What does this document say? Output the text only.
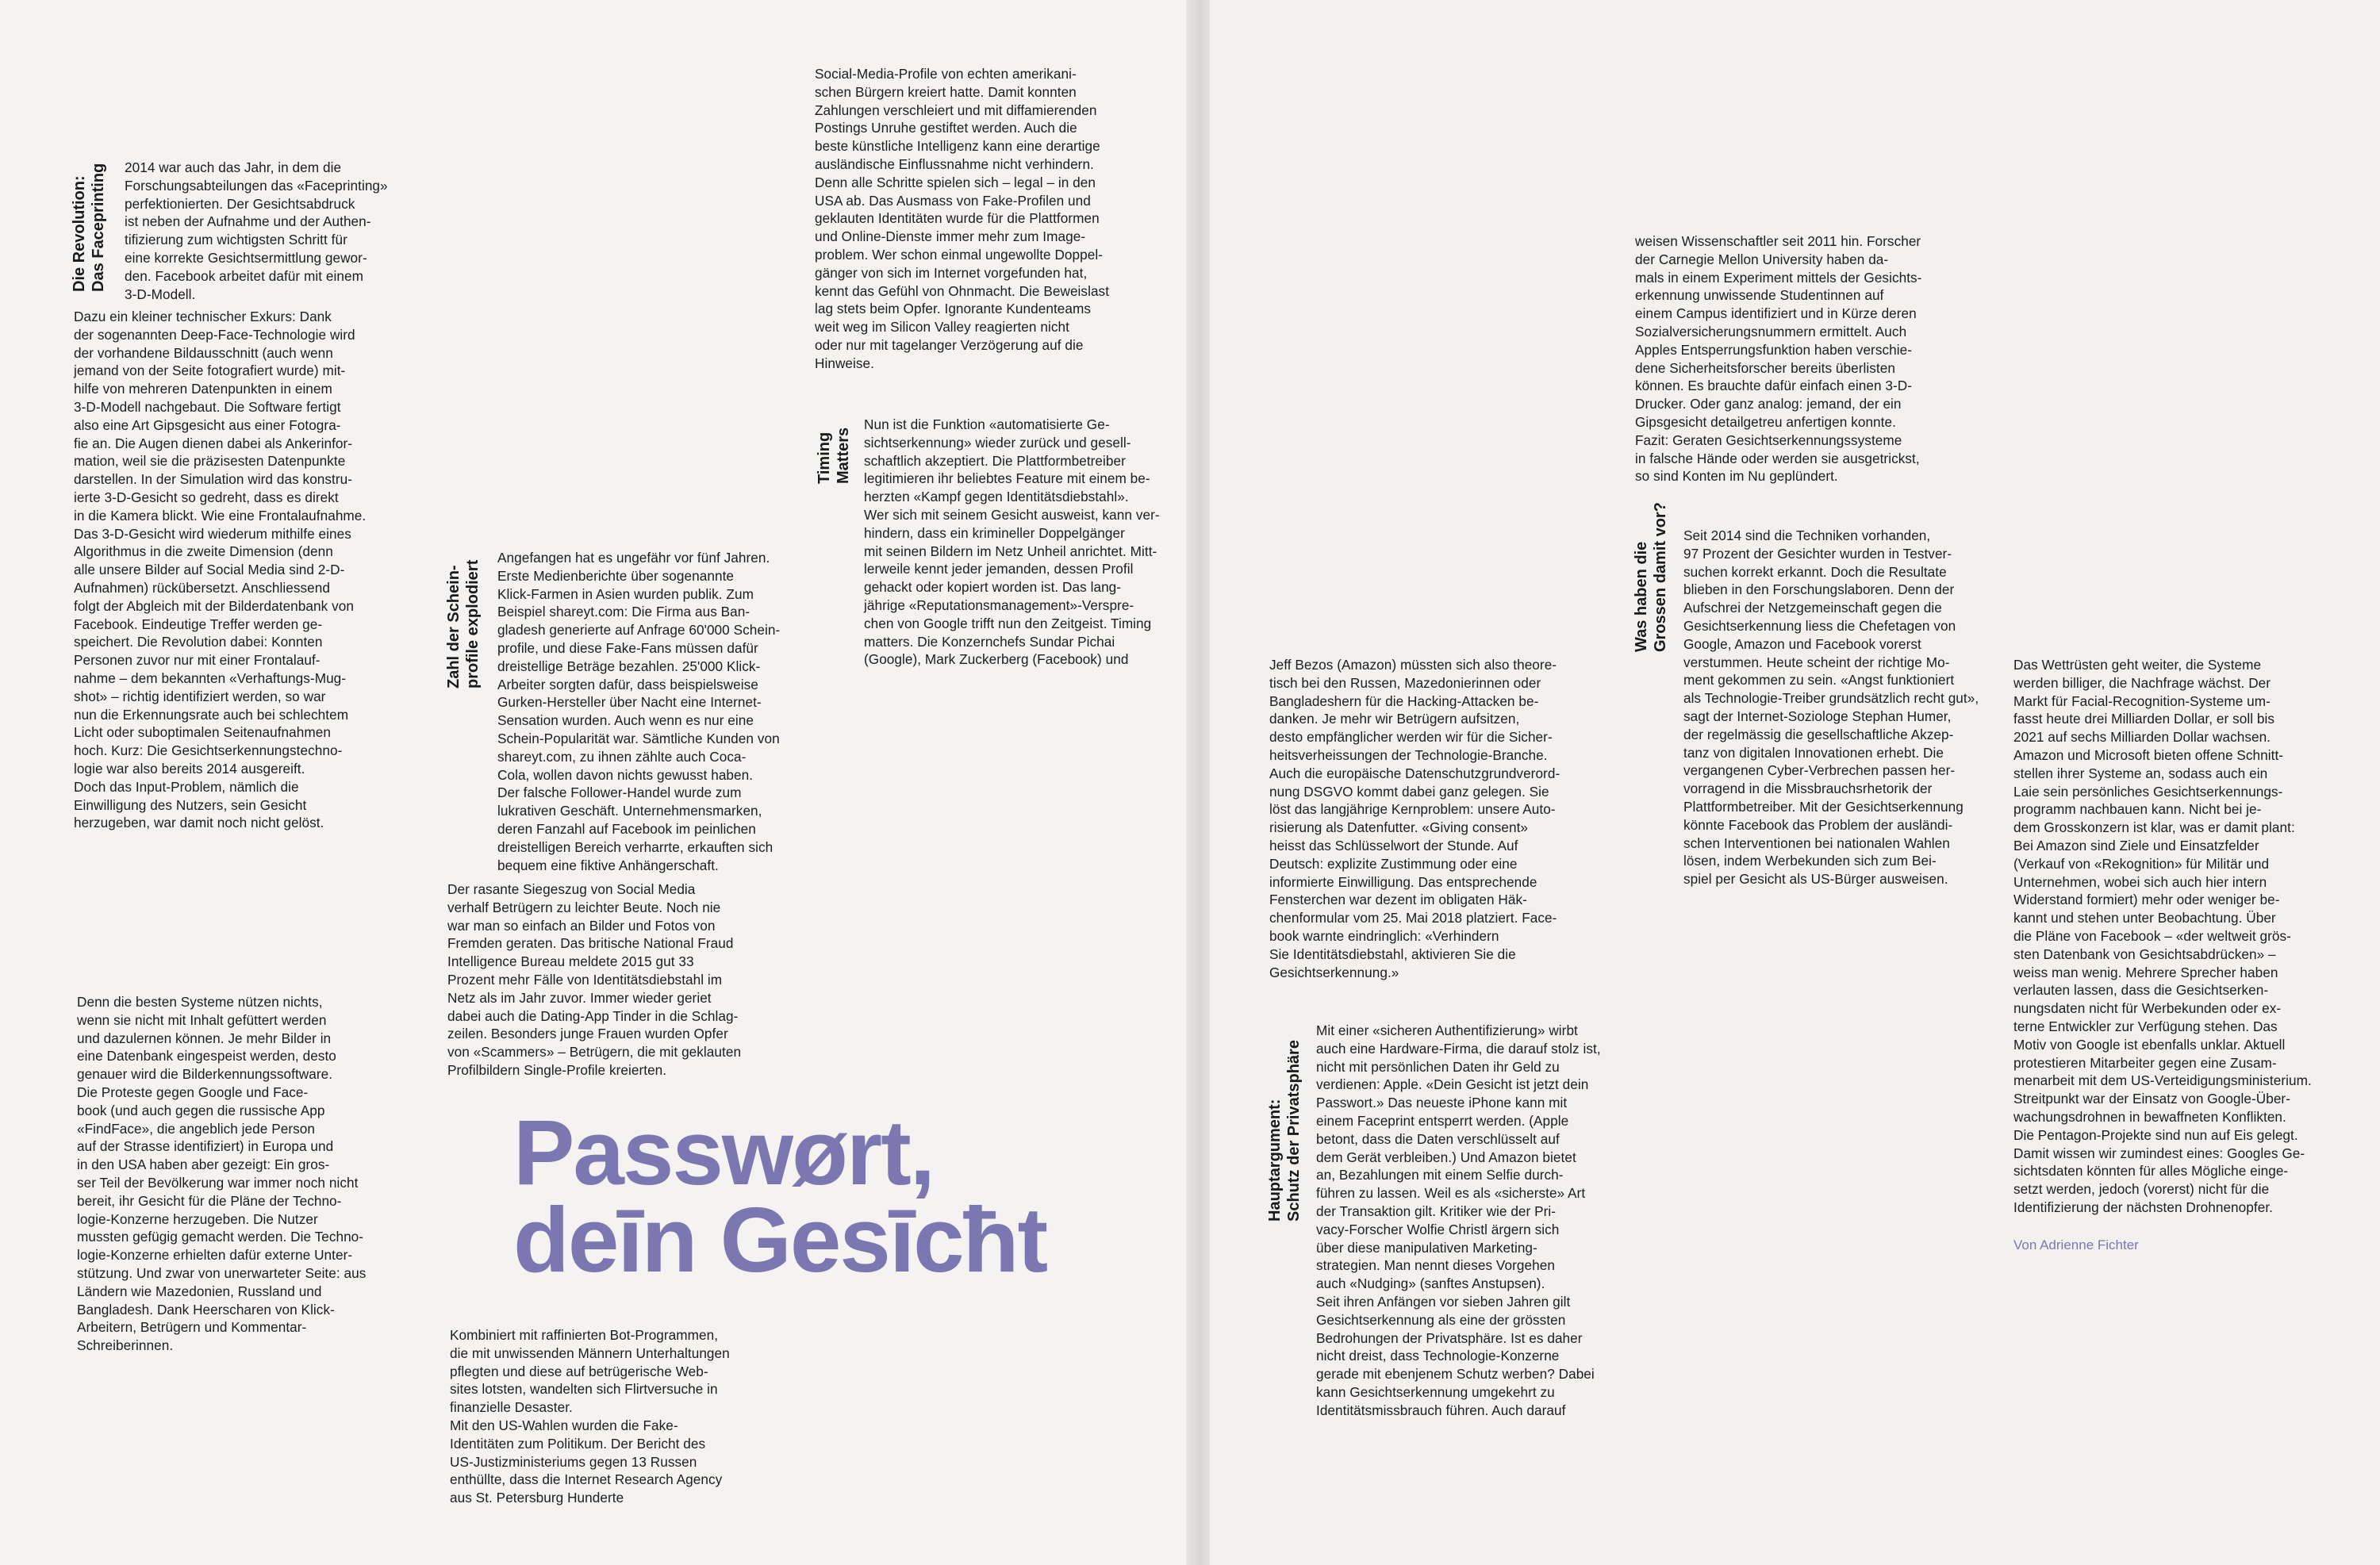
Die Revolution:
Das Faceprinting 2014 war auch das Jahr, in dem die
Forschungsabteilungen das «Faceprinting»
perfektionierten. Der Gesichtsabdruck
ist neben der Aufnahme und der Authen-
tifizierung zum wichtigsten Schritt für
eine korrekte Gesichtsermittlung gewor-
den. Facebook arbeitet dafür mit einem
3-D-Modell.
Dazu ein kleiner technischer Exkurs: Dank
der sogenannten Deep-Face-Technologie wird
der vorhandene Bildausschnitt (auch wenn
jemand von der Seite fotografiert wurde) mit-
hilfe von mehreren Datenpunkten in einem
3-D-Modell nachgebaut. Die Software fertigt
also eine Art Gipsgesicht aus einer Fotogra-
fie an. Die Augen dienen dabei als Ankerinfor-
mation, weil sie die präzisesten Datenpunkte
darstellen. In der Simulation wird das konstru-
ierte 3-D-Gesicht so gedreht, dass es direkt
in die Kamera blickt. Wie eine Frontalaufnahme.
Das 3-D-Gesicht wird wiederum mithilfe eines
Algorithmus in die zweite Dimension (denn
alle unsere Bilder auf Social Media sind 2-D-
Aufnahmen) rückübersetzt. Anschliessend
folgt der Abgleich mit der Bilderdatenbank von
Facebook. Eindeutige Treffer werden ge-
speichert. Die Revolution dabei: Konnten
Personen zuvor nur mit einer Frontalauf-
nahme – dem bekannten «Verhaftungs-Mug-
shot» – richtig identifiziert werden, so war
nun die Erkennungsrate auch bei schlechtem
Licht oder suboptimalen Seitenaufnahmen
hoch. Kurz: Die Gesichtserkennungstechno-
logie war also bereits 2014 ausgereift.
Doch das Input-Problem, nämlich die
Einwilligung des Nutzers, sein Gesicht
herzugeben, war damit noch nicht gelöst.
Denn die besten Systeme nützen nichts,
wenn sie nicht mit Inhalt gefüttert werden
und dazulernen können. Je mehr Bilder in
eine Datenbank eingespeist werden, desto
genauer wird die Bilderkennungssoftware.
Die Proteste gegen Google und Face-
book (und auch gegen die russische App
«FindFace», die angeblich jede Person
auf der Strasse identifiziert) in Europa und
in den USA haben aber gezeigt: Ein gros-
ser Teil der Bevölkerung war immer noch nicht
bereit, ihr Gesicht für die Pläne der Techno-
logie-Konzerne herzugeben. Die Nutzer
mussten gefügig gemacht werden. Die Techno-
logie-Konzerne erhielten dafür externe Unter-
stützung. Und zwar von unerwarteter Seite: aus
Ländern wie Mazedonien, Russland und
Bangladesh. Dank Heerscharen von Klick-
Arbeitern, Betrügern und Kommentar-
Schreiberinnen.
Zahl der Schein-
profile explodiert
Angefangen hat es ungefähr vor fünf Jahren.
Erste Medienberichte über sogenannte
Klick-Farmen in Asien wurden publik. Zum
Beispiel shareyt.com: Die Firma aus Ban-
gladesh generierte auf Anfrage 60'000 Schein-
profile, und diese Fake-Fans müssen dafür
dreistellige Beträge bezahlen. 25'000 Klick-
Arbeiter sorgten dafür, dass beispielsweise
Gurken-Hersteller über Nacht eine Internet-
Sensation wurden. Auch wenn es nur eine
Schein-Popularität war. Sämtliche Kunden von
shareyt.com, zu ihnen zählte auch Coca-
Cola, wollen davon nichts gewusst haben.
Der falsche Follower-Handel wurde zum
lukrativen Geschäft. Unternehmensmarken,
deren Fanzahl auf Facebook im peinlichen
dreistelligen Bereich verharrte, erkauften sich
bequem eine fiktive Anhängerschaft.
Der rasante Siegeszug von Social Media
verhalf Betrügern zu leichter Beute. Noch nie
war man so einfach an Bilder und Fotos von
Fremden geraten. Das britische National Fraud
Intelligence Bureau meldete 2015 gut 33
Prozent mehr Fälle von Identitätsdiebstahl im
Netz als im Jahr zuvor. Immer wieder geriet
dabei auch die Dating-App Tinder in die Schlag-
zeilen. Besonders junge Frauen wurden Opfer
von «Scammers» – Betrügern, die mit geklauten
Profilbildern Single-Profile kreierten.
Passwørt,
deīn Gesīcħt
Kombiniert mit raffinierten Bot-Programmen,
die mit unwissenden Männern Unterhaltungen
pflegten und diese auf betrügerische Web-
sites lotsten, wandelten sich Flirtversuche in
finanzielle Desaster.
Mit den US-Wahlen wurden die Fake-
Identitäten zum Politikum. Der Bericht des
US-Justizministeriums gegen 13 Russen
enthüllte, dass die Internet Research Agency
aus St. Petersburg Hunderte
Social-Media-Profile von echten amerikani-
schen Bürgern kreiert hatte. Damit konnten
Zahlungen verschleiert und mit diffamierenden
Postings Unruhe gestiftet werden. Auch die
beste künstliche Intelligenz kann eine derartige
ausländische Einflussnahme nicht verhindern.
Denn alle Schritte spielen sich – legal – in den
USA ab. Das Ausmass von Fake-Profilen und
geklauten Identitäten wurde für die Plattformen
und Online-Dienste immer mehr zum Image-
problem. Wer schon einmal ungewollte Doppel-
gänger von sich im Internet vorgefunden hat,
kennt das Gefühl von Ohnmacht. Die Beweislast
lag stets beim Opfer. Ignorante Kundenteams
weit weg im Silicon Valley reagierten nicht
oder nur mit tagelanger Verzögerung auf die
Hinweise.
Timing
Matters
Nun ist die Funktion «automatisierte Ge-
sichtserkennung» wieder zurück und gesell-
schaftlich akzeptiert. Die Plattformbetreiber
legitimieren ihr beliebtes Feature mit einem be-
herzten «Kampf gegen Identitätsdiebstahl».
Wer sich mit seinem Gesicht ausweist, kann ver-
hindern, dass ein krimineller Doppelgänger
mit seinen Bildern im Netz Unheil anrichtet. Mitt-
lerweile kennt jeder jemanden, dessen Profil
gehackt oder kopiert worden ist. Das lang-
jährige «Reputationsmanagement»-Verspre-
chen von Google trifft nun den Zeitgeist. Timing
matters. Die Konzernchefs Sundar Pichai
(Google), Mark Zuckerberg (Facebook) und	Jeff Bezos (Amazon) müssten sich also theore-
tisch bei den Russen, Mazedonierinnen oder
Bangladeshern für die Hacking-Attacken be-
danken. Je mehr wir Betrügern aufsitzen,
desto empfänglicher werden wir für die Sicher-
heitsverheissungen der Technologie-Branche.
Auch die europäische Datenschutzgrundverord-
nung DSGVO kommt dabei ganz gelegen. Sie
löst das langjährige Kernproblem: unsere Auto-
risierung als Datenfutter. «Giving consent»
heisst das Schlüsselwort der Stunde. Auf
Deutsch: explizite Zustimmung oder eine
informierte Einwilligung. Das entsprechende
Fensterchen war dezent im obligaten Häk-
chenformular vom 25. Mai 2018 platziert. Face-
book warnte eindringlich: «Verhindern
Sie Identitätsdiebstahl, aktivieren Sie die
Gesichtserkennung.»
Hauptargument:
Schutz der Privatsphäre
Mit einer «sicheren Authentifizierung» wirbt
auch eine Hardware-Firma, die darauf stolz ist,
nicht mit persönlichen Daten ihr Geld zu
verdienen: Apple. «Dein Gesicht ist jetzt dein
Passwort.» Das neueste iPhone kann mit
einem Faceprint entsperrt werden. (Apple
betont, dass die Daten verschlüsselt auf
dem Gerät verbleiben.) Und Amazon bietet
an, Bezahlungen mit einem Selfie durch-
führen zu lassen. Weil es als «sicherste» Art
der Transaktion gilt. Kritiker wie der Pri-
vacy-Forscher Wolfie Christl ärgern sich
über diese manipulativen Marketing-
strategien. Man nennt dieses Vorgehen
auch «Nudging» (sanftes Anstupsen).
Seit ihren Anfängen vor sieben Jahren gilt
Gesichtserkennung als eine der grössten
Bedrohungen der Privatsphäre. Ist es daher
nicht dreist, dass Technologie-Konzerne
gerade mit ebenjenem Schutz werben? Dabei
kann Gesichtserkennung umgekehrt zu
Identitätsmissbrauch führen. Auch darauf
weisen Wissenschaftler seit 2011 hin. Forscher
der Carnegie Mellon University haben da-
mals in einem Experiment mittels der Gesichts-
erkennung unwissende Studentinnen auf
einem Campus identifiziert und in Kürze deren
Sozialversicherungsnummern ermittelt. Auch
Apples Entsperrungsfunktion haben verschie-
dene Sicherheitsforscher bereits überlisten
können. Es brauchte dafür einfach einen 3-D-
Drucker. Oder ganz analog: jemand, der ein
Gipsgesicht detailgetreu anfertigen konnte.
Fazit: Geraten Gesichtserkennungssysteme
in falsche Hände oder werden sie ausgetrickst,
so sind Konten im Nu geplündert.
Was haben die
Grossen damit vor? Seit 2014 sind die Techniken vorhanden,
97 Prozent der Gesichter wurden in Testver-
suchen korrekt erkannt. Doch die Resultate
blieben in den Forschungslaboren. Denn der
Aufschrei der Netzgemeinschaft gegen die
Gesichtserkennung liess die Chefetagen von
Google, Amazon und Facebook vorerst
verstummen. Heute scheint der richtige Mo-
ment gekommen zu sein. «Angst funktioniert
als Technologie-Treiber grundsätzlich recht gut»,
sagt der Internet-Soziologe Stephan Humer,
der regelmässig die gesellschaftliche Akzep-
tanz von digitalen Innovationen erhebt. Die
vergangenen Cyber-Verbrechen passen her-
vorragend in die Missbrauchsrhetorik der
Plattformbetreiber. Mit der Gesichtserkennung
könnte Facebook das Problem der ausländi-
schen Interventionen bei nationalen Wahlen
lösen, indem Werbekunden sich zum Bei-
spiel per Gesicht als US-Bürger ausweisen.
Das Wettrüsten geht weiter, die Systeme
werden billiger, die Nachfrage wächst. Der
Markt für Facial-Recognition-Systeme um-
fasst heute drei Milliarden Dollar, er soll bis
2021 auf sechs Milliarden Dollar wachsen.
Amazon und Microsoft bieten offene Schnitt-
stellen ihrer Systeme an, sodass auch ein
Laie sein persönliches Gesichtserkennungs-
programm nachbauen kann. Nicht bei je-
dem Grosskonzern ist klar, was er damit plant:
Bei Amazon sind Ziele und Einsatzfelder
(Verkauf von «Rekognition» für Militär und
Unternehmen, wobei sich auch hier intern
Widerstand formiert) mehr oder weniger be-
kannt und stehen unter Beobachtung. Über
die Pläne von Facebook – «der weltweit grös-
sten Datenbank von Gesichtsabdrücken» –
weiss man wenig. Mehrere Sprecher haben
verlauten lassen, dass die Gesichtserken-
nungsdaten nicht für Werbekunden oder ex-
terne Entwickler zur Verfügung stehen. Das
Motiv von Google ist ebenfalls unklar. Aktuell
protestieren Mitarbeiter gegen eine Zusam-
menarbeit mit dem US-Verteidigungsministerium.
Streitpunkt war der Einsatz von Google-Über-
wachungsdrohnen in bewaffneten Konflikten.
Die Pentagon-Projekte sind nun auf Eis gelegt.
Damit wissen wir zumindest eines: Googles Ge-
sichtsdaten könnten für alles Mögliche einge-
setzt werden, jedoch (vorerst) nicht für die
Identifizierung der nächsten Drohnenopfer.
Von Adrienne Fichter
